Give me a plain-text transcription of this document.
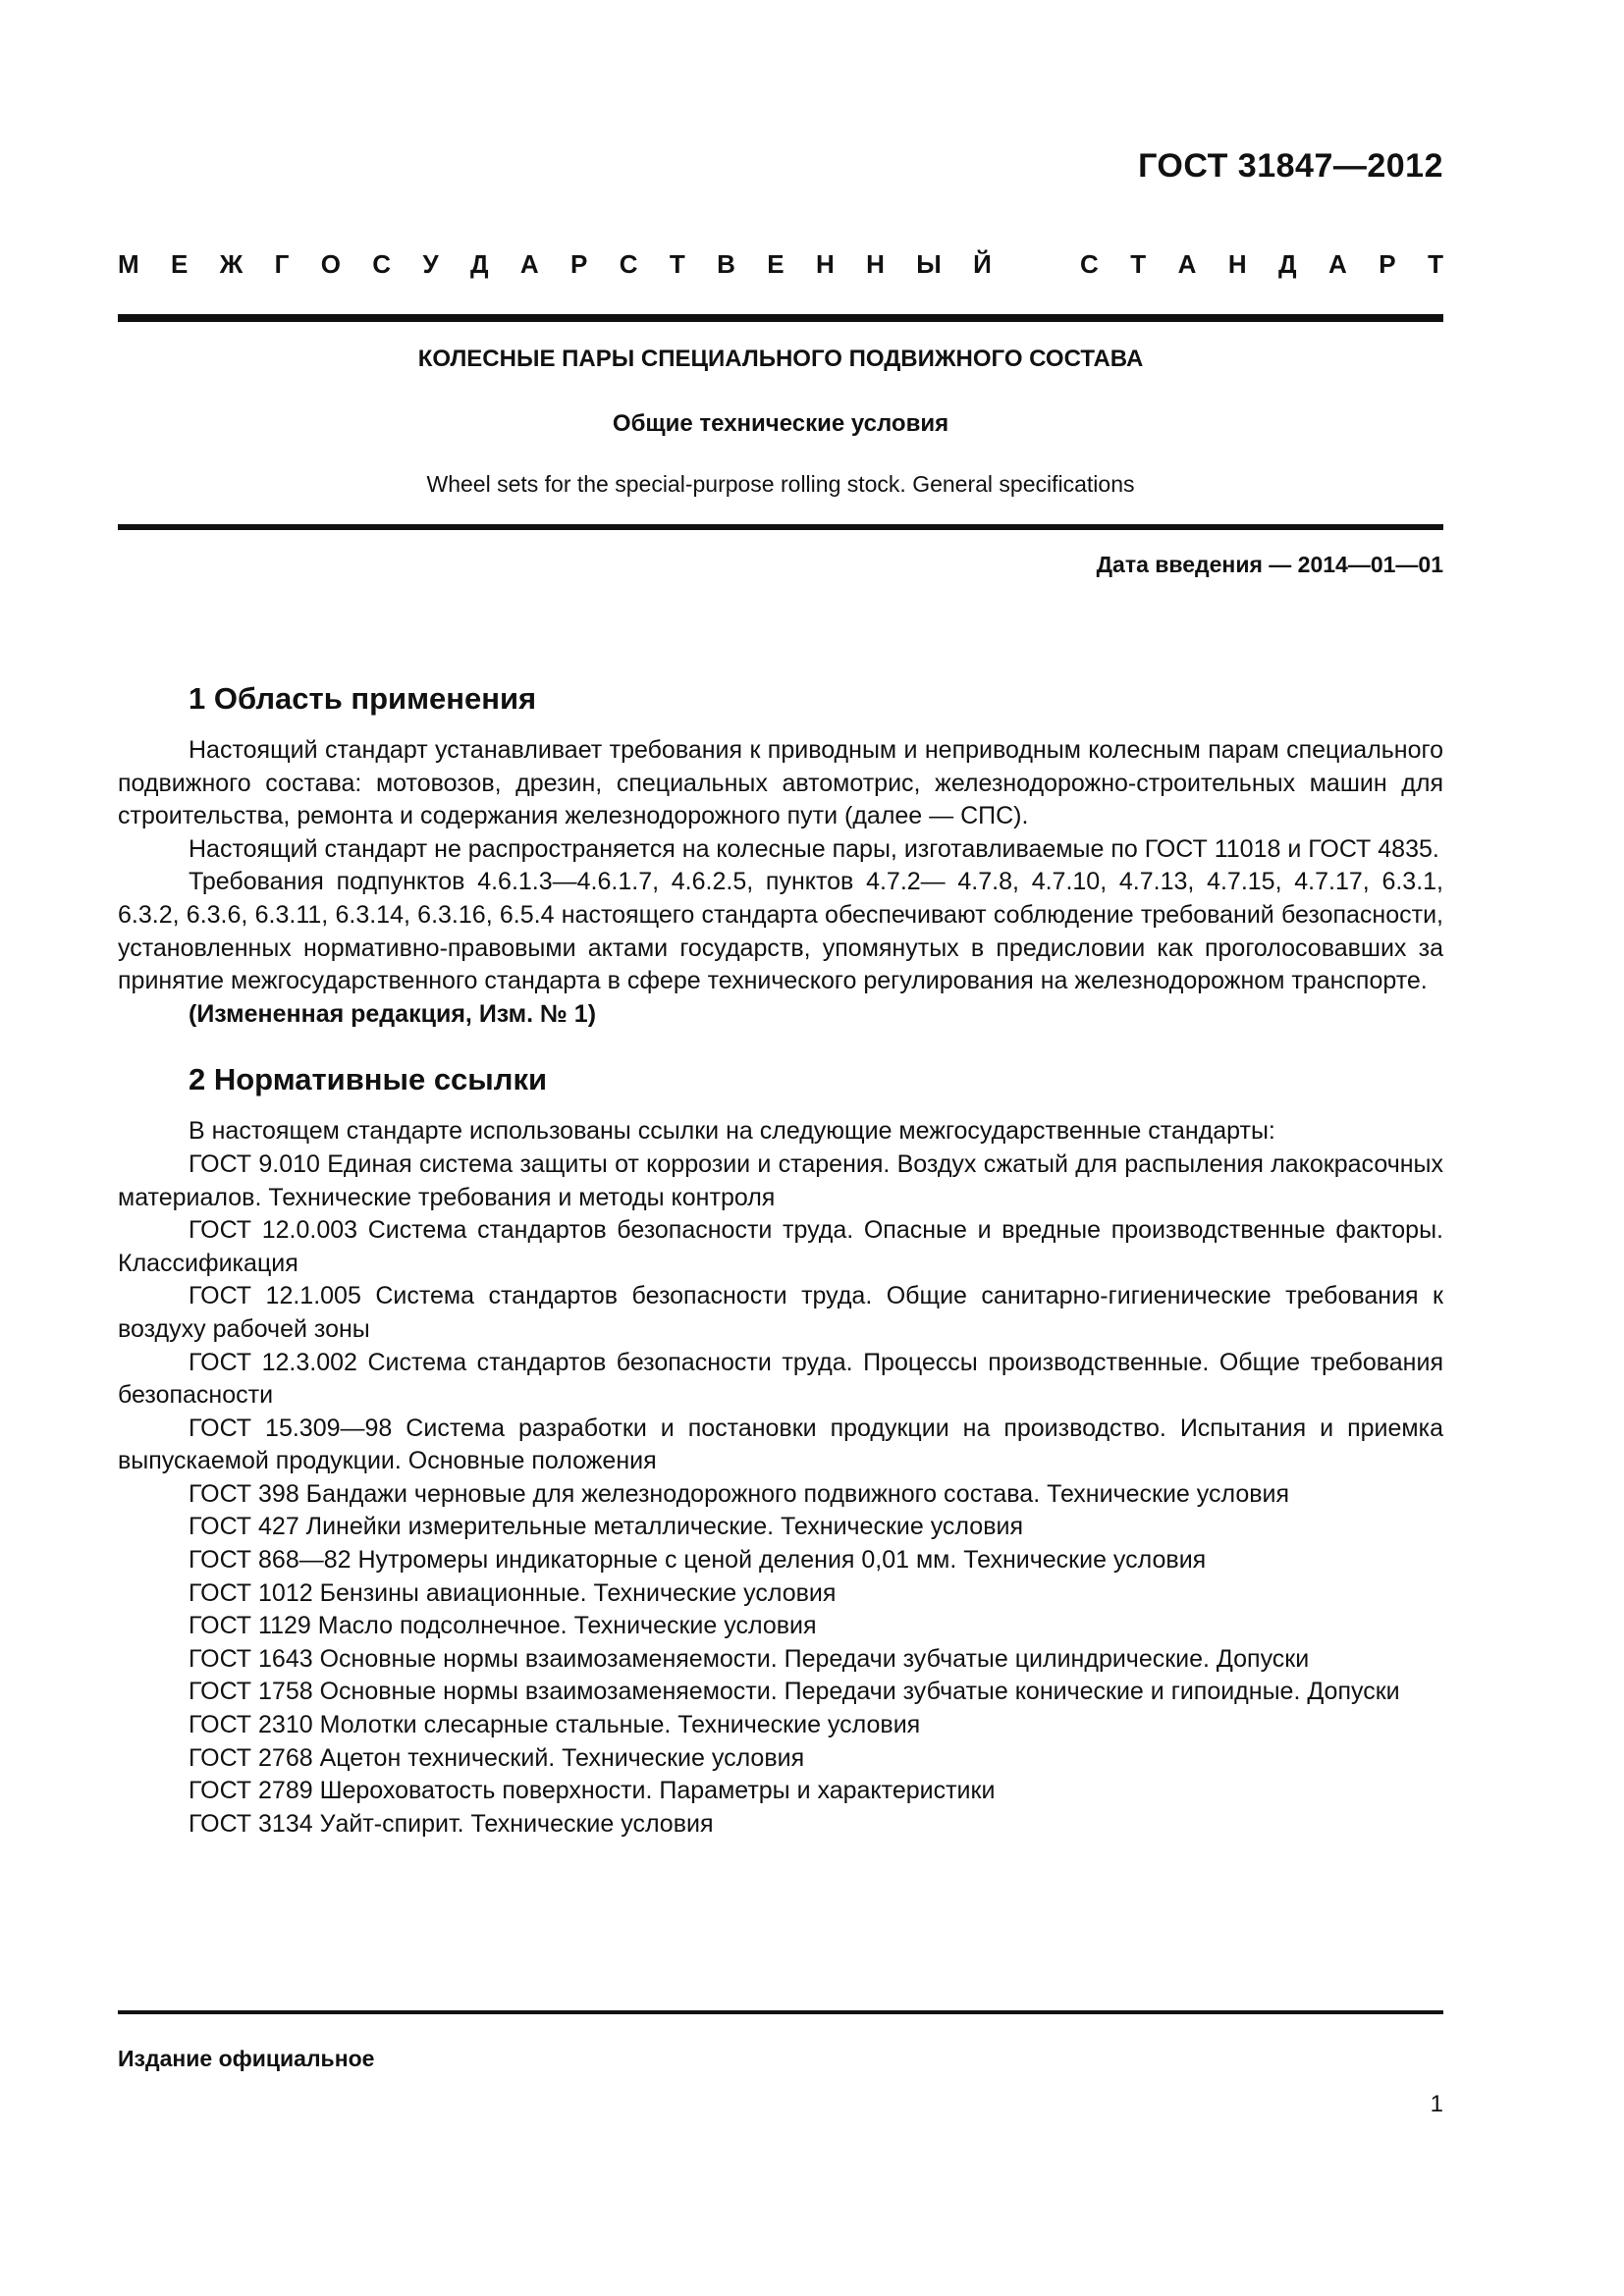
ГОСТ 31847—2012
М Е Ж Г О С У Д А Р С Т В Е Н Н Ы Й	С Т А Н Д А Р Т
КОЛЕСНЫЕ ПАРЫ СПЕЦИАЛЬНОГО ПОДВИЖНОГО СОСТАВА
Общие технические условия
Wheel sets for the special-purpose rolling stock. General specifications
Дата введения — 2014—01—01
1 Область применения

Настоящий стандарт устанавливает требования к приводным и неприводным колесным парам специального подвижного состава: мотовозов, дрезин, специальных автомотрис, железнодорожно-строительных машин для строительства, ремонта и содержания железнодорожного пути (далее — СПС).

Настоящий стандарт не распространяется на колесные пары, изготавливаемые по ГОСТ 11018 и ГОСТ 4835.

Требования подпунктов 4.6.1.3—4.6.1.7, 4.6.2.5, пунктов 4.7.2— 4.7.8, 4.7.10, 4.7.13, 4.7.15, 4.7.17, 6.3.1, 6.3.2, 6.3.6, 6.3.11, 6.3.14, 6.3.16, 6.5.4 настоящего стандарта обеспечивают соблюдение требований безопасности, установленных нормативно-правовыми актами государств, упомянутых в предисловии как проголосовавших за принятие межгосударственного стандарта в сфере технического регулирования на железнодорожном транспорте.

(Измененная редакция, Изм. № 1)

2 Нормативные ссылки

В настоящем стандарте использованы ссылки на следующие межгосударственные стандарты:

ГОСТ 9.010 Единая система защиты от коррозии и старения. Воздух сжатый для распыления лакокрасочных материалов. Технические требования и методы контроля

ГОСТ 12.0.003 Система стандартов безопасности труда. Опасные и вредные производственные факторы. Классификация

ГОСТ 12.1.005 Система стандартов безопасности труда. Общие санитарно-гигиенические требования к воздуху рабочей зоны

ГОСТ 12.3.002 Система стандартов безопасности труда. Процессы производственные. Общие требования безопасности

ГОСТ 15.309—98 Система разработки и постановки продукции на производство. Испытания и приемка выпускаемой продукции. Основные положения

ГОСТ 398 Бандажи черновые для железнодорожного подвижного состава. Технические условия

ГОСТ 427 Линейки измерительные металлические. Технические условия

ГОСТ 868—82 Нутромеры индикаторные с ценой деления 0,01 мм. Технические условия

ГОСТ 1012 Бензины авиационные. Технические условия

ГОСТ 1129 Масло подсолнечное. Технические условия

ГОСТ 1643 Основные нормы взаимозаменяемости. Передачи зубчатые цилиндрические. Допуски

ГОСТ 1758 Основные нормы взаимозаменяемости. Передачи зубчатые конические и гипоидные. Допуски

ГОСТ 2310 Молотки слесарные стальные. Технические условия

ГОСТ 2768 Ацетон технический. Технические условия

ГОСТ 2789 Шероховатость поверхности. Параметры и характеристики

ГОСТ 3134 Уайт-спирит. Технические условия

Издание официальное
1
